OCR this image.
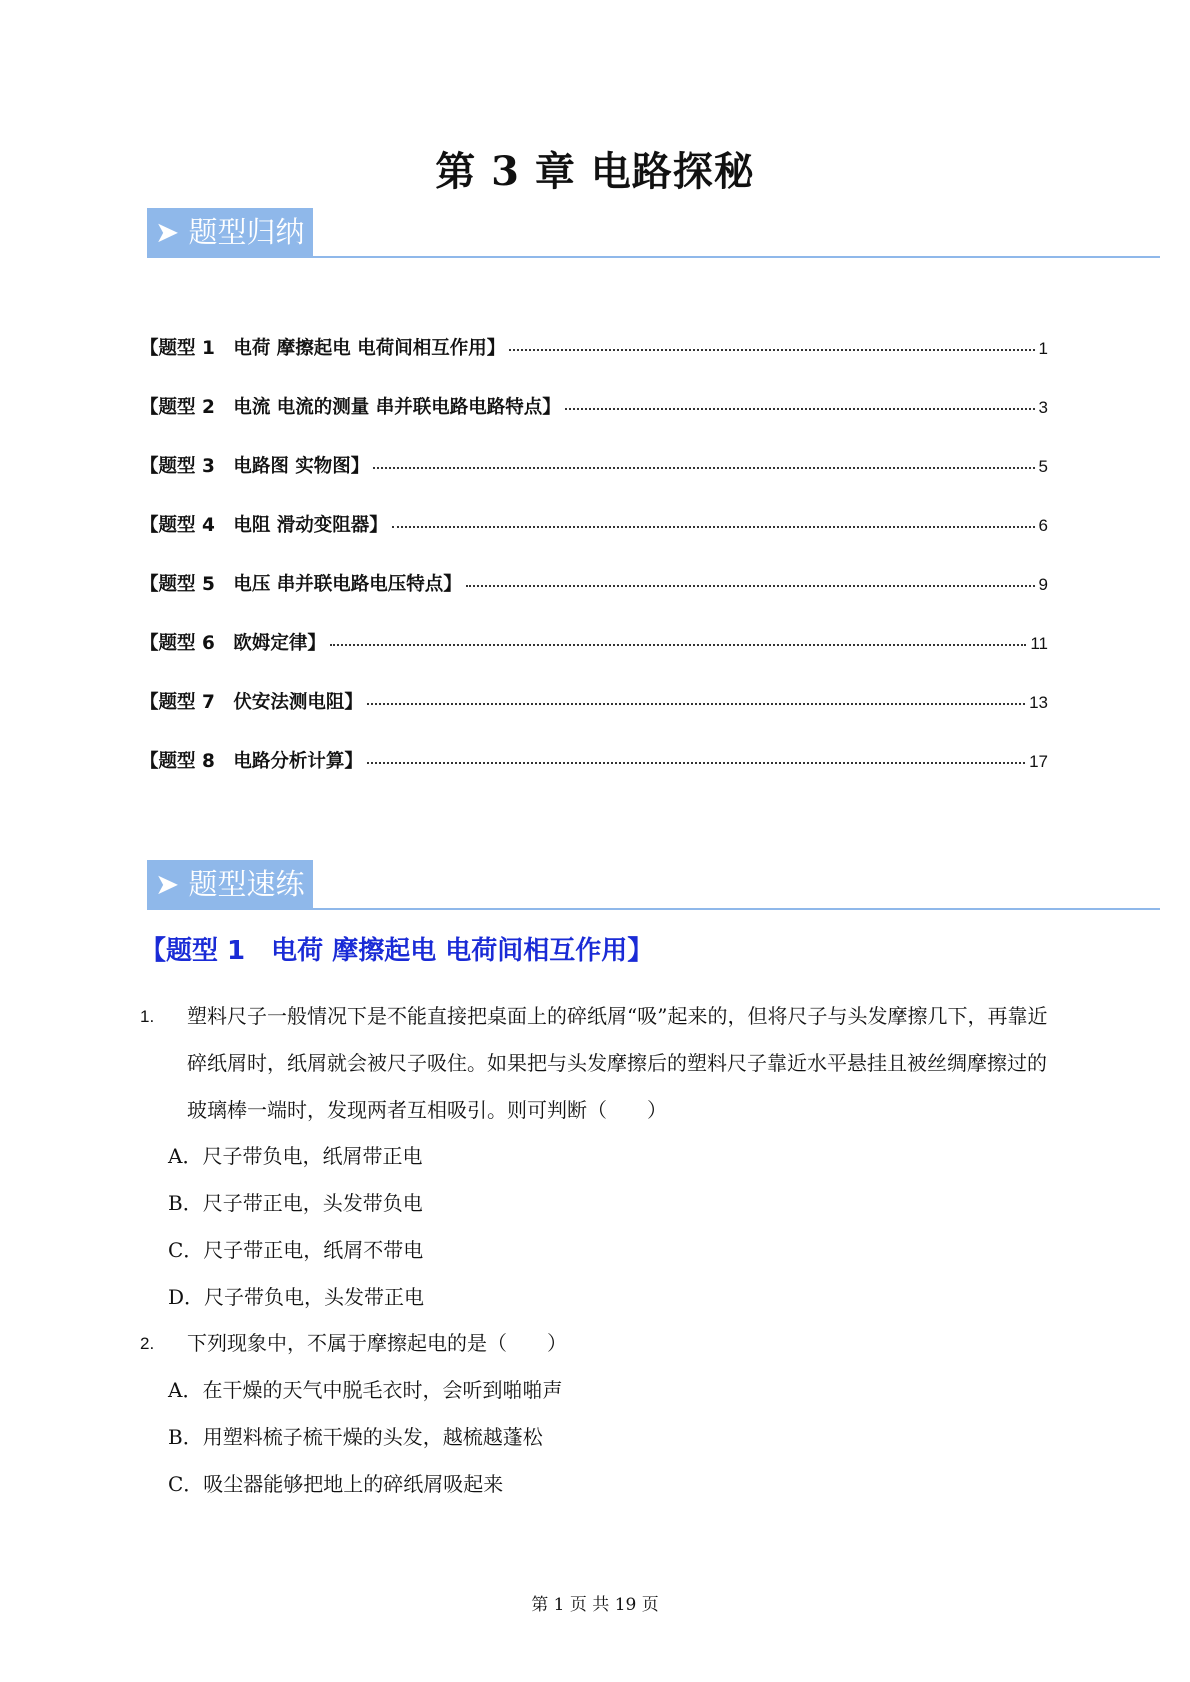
第 3 章 电路探秘
➤ 题型归纳
【题型 1　电荷 摩擦起电 电荷间相互作用】	1
【题型 2　电流 电流的测量 串并联电路电路特点】	3
【题型 3　电路图 实物图】	5
【题型 4　电阻 滑动变阻器】	6
【题型 5　电压 串并联电路电压特点】	9
【题型 6　欧姆定律】	11
【题型 7　伏安法测电阻】	13
【题型 8　电路分析计算】	17
➤ 题型速练
【题型 1　电荷 摩擦起电 电荷间相互作用】
1.	塑料尺子一般情况下是不能直接把桌面上的碎纸屑“吸”起来的，但将尺子与头发摩擦几下，再靠近碎纸屑时，纸屑就会被尺子吸住。如果把与头发摩擦后的塑料尺子靠近水平悬挂且被丝绸摩擦过的玻璃棒一端时，发现两者互相吸引。则可判断（　　）
A．尺子带负电，纸屑带正电
B．尺子带正电，头发带负电
C．尺子带正电，纸屑不带电
D．尺子带负电，头发带正电
2.	下列现象中，不属于摩擦起电的是（　　）
A．在干燥的天气中脱毛衣时，会听到啪啪声
B．用塑料梳子梳干燥的头发，越梳越蓬松
C．吸尘器能够把地上的碎纸屑吸起来
第 1 页 共 19 页
